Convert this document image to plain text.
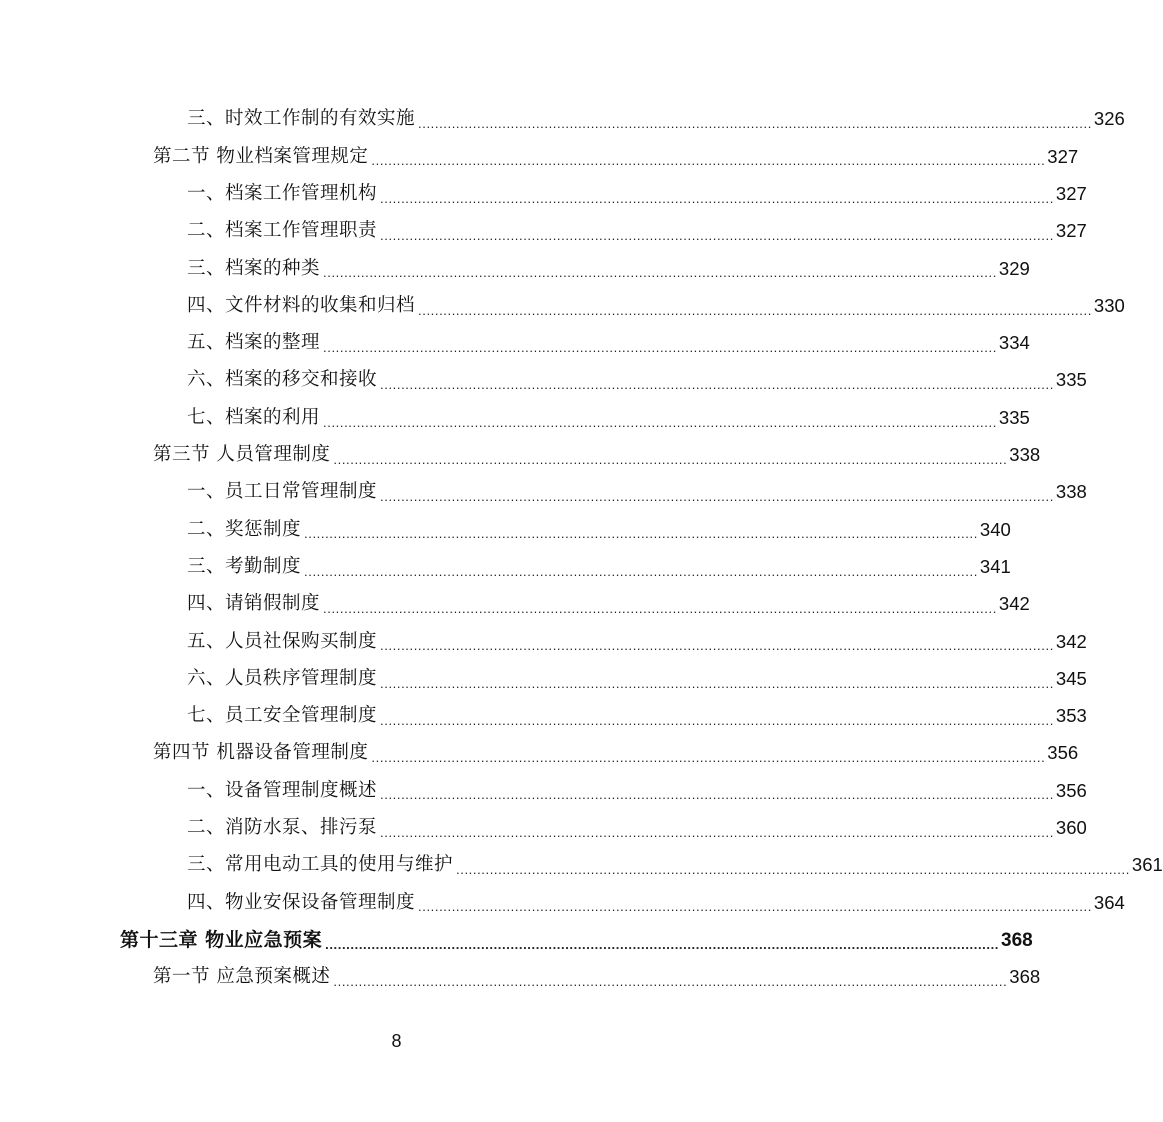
三、时效工作制的有效实施 ................................................................................................................................................................ 326
第二节 物业档案管理规定 ................................................................................................................................................................ 327
一、档案工作管理机构 ................................................................................................................................................................ 327
二、档案工作管理职责 ................................................................................................................................................................ 327
三、档案的种类 ................................................................................................................................................................ 329
四、文件材料的收集和归档 ................................................................................................................................................................ 330
五、档案的整理 ................................................................................................................................................................ 334
六、档案的移交和接收 ................................................................................................................................................................ 335
七、档案的利用 ................................................................................................................................................................ 335
第三节 人员管理制度 ................................................................................................................................................................ 338
一、员工日常管理制度 ................................................................................................................................................................ 338
二、奖惩制度 ................................................................................................................................................................ 340
三、考勤制度 ................................................................................................................................................................ 341
四、请销假制度 ................................................................................................................................................................ 342
五、人员社保购买制度 ................................................................................................................................................................ 342
六、人员秩序管理制度 ................................................................................................................................................................ 345
七、员工安全管理制度 ................................................................................................................................................................ 353
第四节 机器设备管理制度 ................................................................................................................................................................ 356
一、设备管理制度概述 ................................................................................................................................................................ 356
二、消防水泵、排污泵 ................................................................................................................................................................ 360
三、常用电动工具的使用与维护 ................................................................................................................................................................ 361
四、物业安保设备管理制度 ................................................................................................................................................................ 364
第十三章 物业应急预案 ................................................................................................................................................................ 368
第一节 应急预案概述 ................................................................................................................................................................ 368
8
